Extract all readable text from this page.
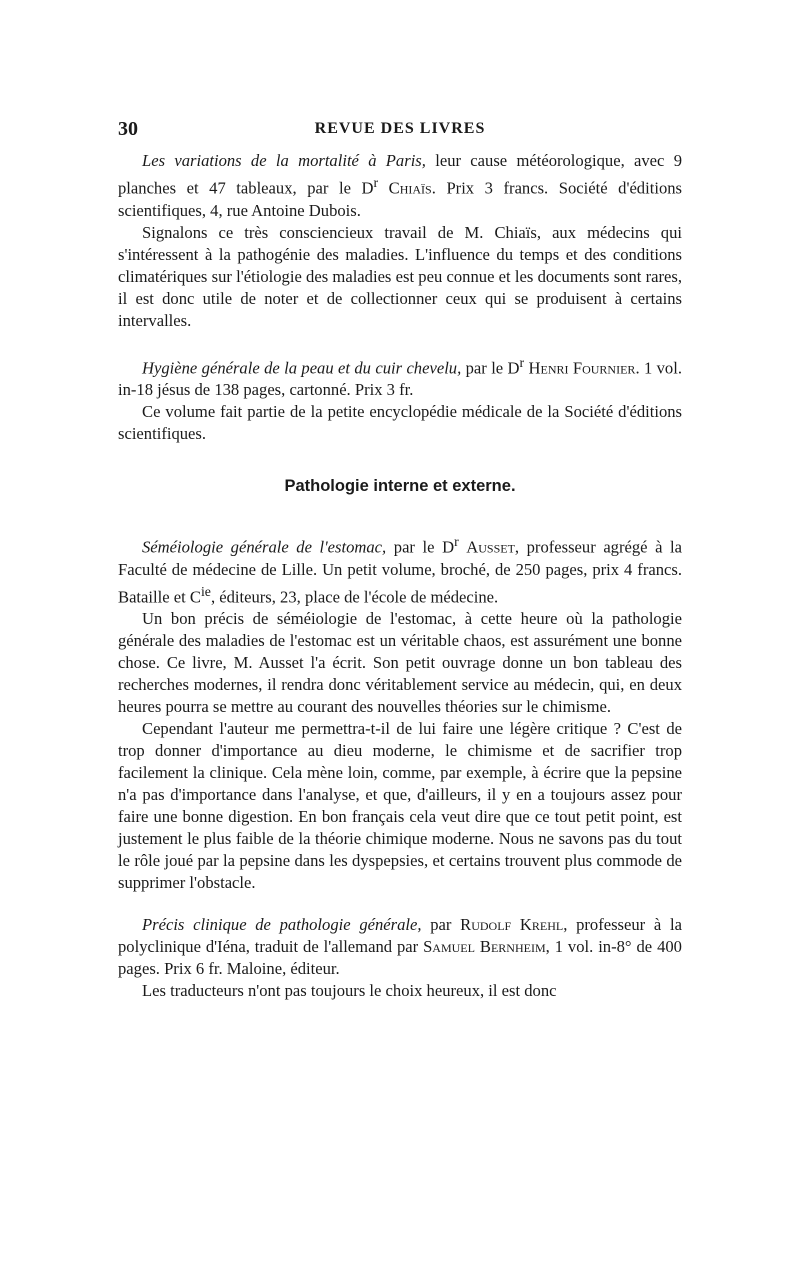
30	REVUE DES LIVRES

Les variations de la mortalité à Paris, leur cause météorologique, avec 9 planches et 47 tableaux, par le $D^r$ Chiaïs. Prix 3 francs. Société d'éditions scientifiques, 4, rue Antoine Dubois.

Signalons ce très consciencieux travail de M. Chiaïs, aux médecins qui s'intéressent à la pathogénie des maladies. L'influence du temps et des conditions climatériques sur l'étiologie des maladies est peu connue et les documents sont rares, il est donc utile de noter et de collectionner ceux qui se produisent à certains intervalles.

Hygiène générale de la peau et du cuir chevelu, par le $D^r$ Henri Fournier. 1 vol. in-18 jésus de 138 pages, cartonné. Prix 3 fr.

Ce volume fait partie de la petite encyclopédie médicale de la Société d'éditions scientifiques.

Pathologie interne et externe.

Séméiologie générale de l'estomac, par le $D^r$ Ausset, professeur agrégé à la Faculté de médecine de Lille. Un petit volume, broché, de 250 pages, prix 4 francs. Bataille et $C^{ie}$, éditeurs, 23, place de l'école de médecine.

Un bon précis de séméiologie de l'estomac, à cette heure où la pathologie générale des maladies de l'estomac est un véritable chaos, est assurément une bonne chose. Ce livre, M. Ausset l'a écrit. Son petit ouvrage donne un bon tableau des recherches modernes, il rendra donc véritablement service au médecin, qui, en deux heures pourra se mettre au courant des nouvelles théories sur le chimisme.

Cependant l'auteur me permettra-t-il de lui faire une légère critique ? C'est de trop donner d'importance au dieu moderne, le chimisme et de sacrifier trop facilement la clinique. Cela mène loin, comme, par exemple, à écrire que la pepsine n'a pas d'importance dans l'analyse, et que, d'ailleurs, il y en a toujours assez pour faire une bonne digestion. En bon français cela veut dire que ce tout petit point, est justement le plus faible de la théorie chimique moderne. Nous ne savons pas du tout le rôle joué par la pepsine dans les dyspepsies, et certains trouvent plus commode de supprimer l'obstacle.

Précis clinique de pathologie générale, par Rudolf Krehl, professeur à la polyclinique d'Iéna, traduit de l'allemand par Samuel Bernheim, 1 vol. in-8° de 400 pages. Prix 6 fr. Maloine, éditeur.

Les traducteurs n'ont pas toujours le choix heureux, il est donc
